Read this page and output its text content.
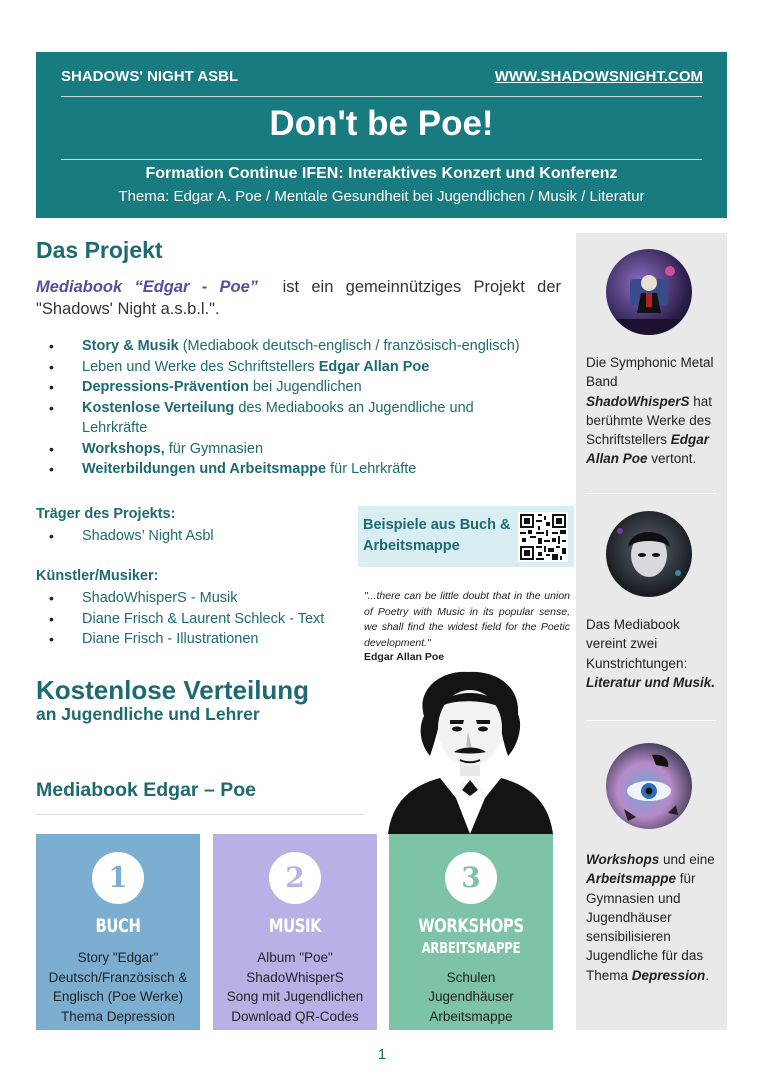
SHADOWS' NIGHT ASBL	WWW.SHADOWSNIGHT.COM
Don't be Poe!
Formation Continue IFEN: Interaktives Konzert und Konferenz
Thema: Edgar A. Poe / Mentale Gesundheit bei Jugendlichen / Musik / Literatur
Das Projekt
Mediabook “Edgar - Poe”  ist ein gemeinnütziges Projekt der "Shadows' Night a.s.b.l.".
• Story & Musik (Mediabook deutsch-englisch / französisch-englisch)
• Leben und Werke des Schriftstellers Edgar Allan Poe
• Depressions-Prävention bei Jugendlichen
• Kostenlose Verteilung des Mediabooks an Jugendliche und Lehrkräfte
• Workshops, für Gymnasien
• Weiterbildungen und Arbeitsmappe für Lehrkräfte
Träger des Projekts:
• Shadows’ Night Asbl
Künstler/Musiker:
• ShadoWhisperS - Musik
• Diane Frisch & Laurent Schleck - Text
• Diane Frisch - Illustrationen
Beispiele aus Buch & Arbeitsmappe
"...there can be little doubt that in the union of Poetry with Music in its popular sense, we shall find the widest field for the Poetic development."
Edgar Allan Poe
Kostenlose Verteilung
an Jugendliche und Lehrer
Mediabook Edgar – Poe
1
BUCH
Story "Edgar"
Deutsch/Französisch &
Englisch (Poe Werke)
Thema Depression
2
MUSIK
Album "Poe"
ShadoWhisperS
Song mit Jugendlichen
Download QR-Codes
3
WORKSHOPS
ARBEITSMAPPE
Schulen
Jugendhäuser
Arbeitsmappe
Die Symphonic Metal Band ShadoWhisperS hat berühmte Werke des Schriftstellers Edgar Allan Poe vertont.
Das Mediabook vereint zwei Kunstrichtungen: Literatur und Musik.
Workshops und eine Arbeitsmappe für Gymnasien und Jugendhäuser sensibilisieren Jugendliche für das Thema Depression.
1
